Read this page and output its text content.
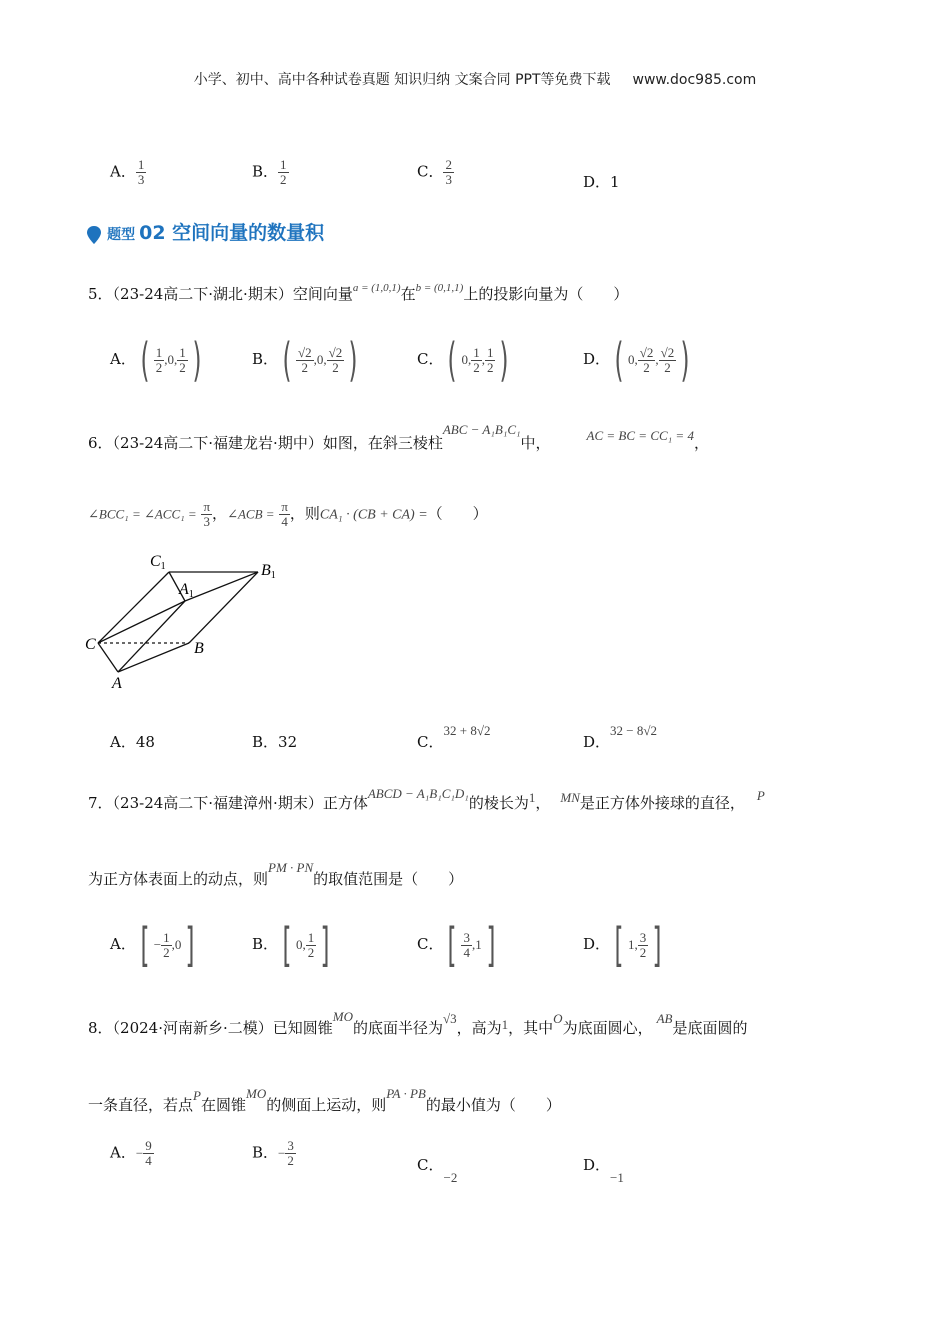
小学、初中、高中各种试卷真题 知识归纳 文案合同 PPT等免费下载 www.doc985.com
A． $\frac{1}{3}$	B． $\frac{1}{2}$	C． $\frac{2}{3}$	D．1
题型 02 空间向量的数量积
5．（23-24高二下·湖北·期末）空间向量$^{a = (1,0,1)}$在$^{b = (0,1,1)}$上的投影向量为（　　）
A．( $\frac{1}{2} ,0$, $\frac{1}{2}$ )	B．( $\frac{√2}{2} ,0$, $\frac{√2}{2}$ )	C．( 0, $\frac{1}{2}$ , $\frac{1}{2}$ )	D．( 0, $\frac{√2}{2}$ , $\frac{√2}{2}$ )
6．（23-24高二下·福建龙岩·期中）如图，在斜三棱柱ABC − A₁B₁C₁中，	AC = BC = CC₁ = 4，
∠BCC₁ = ∠ACC₁ = $\frac{\pi}{3}$ ，∠ACB = $\frac{\pi}{4}$ ，则CA₁ · (CB + CA) =（　　）
C1
A1
B1
C	B
A
A．48	B．32	C．32 + 8√2
D．32 − 8√2
7．（23-24高二下·福建漳州·期末）正方体ABCD − A₁B₁C₁D₁的棱长为1， MN是正方体外接球的直径， P
为正方体表面上的动点，则PM · PN的取值范围是（　　）
A．[ − $\frac{1}{2} ,0$]	B．[ 0, $\frac{1}{2}$ ]	C．[ $\frac{3}{4} ,1$]	D．[ 1, $\frac{3}{2}$ ]
8．（2024·河南新乡·二模）已知圆锥MO的底面半径为√3，高为1，其中O为底面圆心，AB是底面圆的
一条直径，若点P在圆锥MO的侧面上运动，则PA · PB的最小值为（　　）
A．− $\frac{9}{4}$	B．− $\frac{3}{2}$	C．−2
D．−1
